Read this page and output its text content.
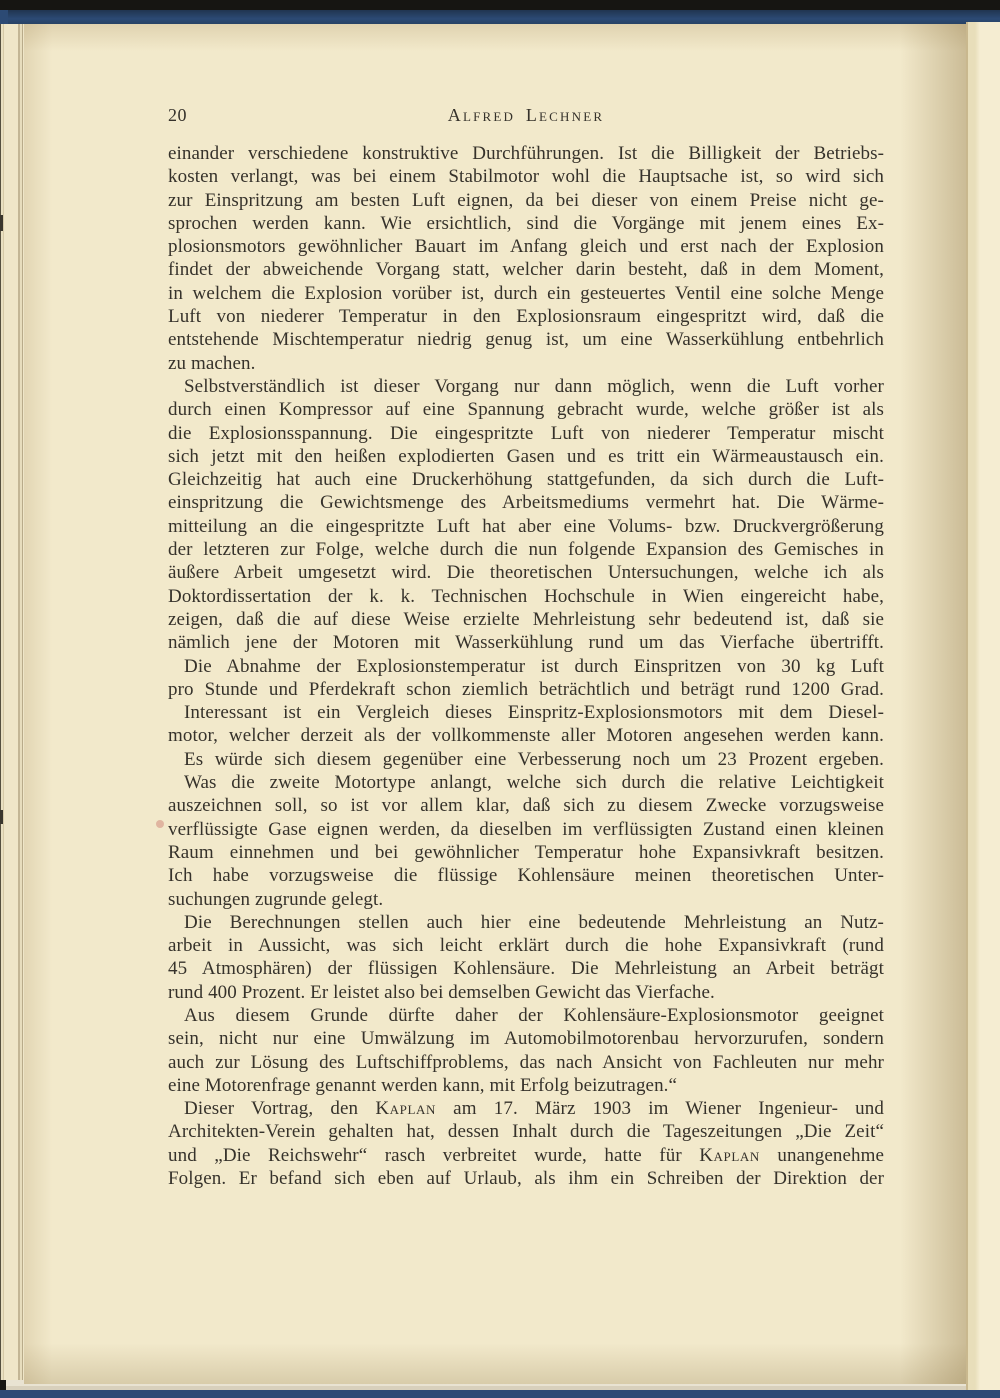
20	Alfred Lechner
einander verschiedene konstruktive Durchführungen. Ist die Billigkeit der Betriebs-
kosten verlangt, was bei einem Stabilmotor wohl die Hauptsache ist, so wird sich
zur Einspritzung am besten Luft eignen, da bei dieser von einem Preise nicht ge-
sprochen werden kann. Wie ersichtlich, sind die Vorgänge mit jenem eines Ex-
plosionsmotors gewöhnlicher Bauart im Anfang gleich und erst nach der Explosion
findet der abweichende Vorgang statt, welcher darin besteht, daß in dem Moment,
in welchem die Explosion vorüber ist, durch ein gesteuertes Ventil eine solche Menge
Luft von niederer Temperatur in den Explosionsraum eingespritzt wird, daß die
entstehende Mischtemperatur niedrig genug ist, um eine Wasserkühlung entbehrlich
zu machen.
Selbstverständlich ist dieser Vorgang nur dann möglich, wenn die Luft vorher
durch einen Kompressor auf eine Spannung gebracht wurde, welche größer ist als
die Explosionsspannung. Die eingespritzte Luft von niederer Temperatur mischt
sich jetzt mit den heißen explodierten Gasen und es tritt ein Wärmeaustausch ein.
Gleichzeitig hat auch eine Druckerhöhung stattgefunden, da sich durch die Luft-
einspritzung die Gewichtsmenge des Arbeitsmediums vermehrt hat. Die Wärme-
mitteilung an die eingespritzte Luft hat aber eine Volums- bzw. Druckvergrößerung
der letzteren zur Folge, welche durch die nun folgende Expansion des Gemisches in
äußere Arbeit umgesetzt wird. Die theoretischen Untersuchungen, welche ich als
Doktordissertation der k. k. Technischen Hochschule in Wien eingereicht habe,
zeigen, daß die auf diese Weise erzielte Mehrleistung sehr bedeutend ist, daß sie
nämlich jene der Motoren mit Wasserkühlung rund um das Vierfache übertrifft.
Die Abnahme der Explosionstemperatur ist durch Einspritzen von 30 kg Luft
pro Stunde und Pferdekraft schon ziemlich beträchtlich und beträgt rund 1200 Grad.
Interessant ist ein Vergleich dieses Einspritz-Explosionsmotors mit dem Diesel-
motor, welcher derzeit als der vollkommenste aller Motoren angesehen werden kann.
Es würde sich diesem gegenüber eine Verbesserung noch um 23 Prozent ergeben.
Was die zweite Motortype anlangt, welche sich durch die relative Leichtigkeit
auszeichnen soll, so ist vor allem klar, daß sich zu diesem Zwecke vorzugsweise
verflüssigte Gase eignen werden, da dieselben im verflüssigten Zustand einen kleinen
Raum einnehmen und bei gewöhnlicher Temperatur hohe Expansivkraft besitzen.
Ich habe vorzugsweise die flüssige Kohlensäure meinen theoretischen Unter-
suchungen zugrunde gelegt.
Die Berechnungen stellen auch hier eine bedeutende Mehrleistung an Nutz-
arbeit in Aussicht, was sich leicht erklärt durch die hohe Expansivkraft (rund
45 Atmosphären) der flüssigen Kohlensäure. Die Mehrleistung an Arbeit beträgt
rund 400 Prozent. Er leistet also bei demselben Gewicht das Vierfache.
Aus diesem Grunde dürfte daher der Kohlensäure-Explosionsmotor geeignet
sein, nicht nur eine Umwälzung im Automobilmotorenbau hervorzurufen, sondern
auch zur Lösung des Luftschiffproblems, das nach Ansicht von Fachleuten nur mehr
eine Motorenfrage genannt werden kann, mit Erfolg beizutragen.“
Dieser Vortrag, den Kaplan am 17. März 1903 im Wiener Ingenieur- und
Architekten-Verein gehalten hat, dessen Inhalt durch die Tageszeitungen „Die Zeit“
und „Die Reichswehr“ rasch verbreitet wurde, hatte für Kaplan unangenehme
Folgen. Er befand sich eben auf Urlaub, als ihm ein Schreiben der Direktion der
